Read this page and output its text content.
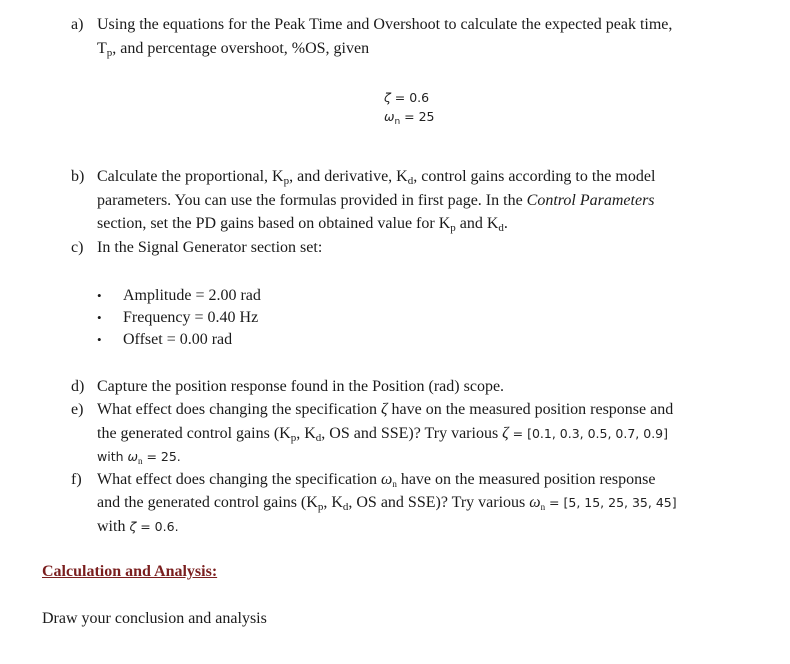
a) Using the equations for the Peak Time and Overshoot to calculate the expected peak time,
$T_p$, and percentage overshoot, %OS, given
ζ = 0.6
$\omega_n = 25$
b) Calculate the proportional, $K_p$, and derivative, $K_d$, control gains according to the model
parameters. You can use the formulas provided in first page. In the Control Parameters
section, set the PD gains based on obtained value for $K_p$ and $K_d$.
c) In the Signal Generator section set:
• Amplitude = 2.00 rad
• Frequency = 0.40 Hz
• Offset = 0.00 rad
d) Capture the position response found in the Position (rad) scope.
e) What effect does changing the specification ζ have on the measured position response and
the generated control gains ($K_p$, $K_d$, OS and SSE)? Try various ζ = [0.1, 0.3, 0.5, 0.7, 0.9]
with $\omega_n = 25$.
f) What effect does changing the specification $\omega_n$ have on the measured position response
and the generated control gains ($K_p$, $K_d$, OS and SSE)? Try various $\omega_n = [5$, 15, 25, 35, 45]
with ζ = 0.6.
Calculation and Analysis:
Draw your conclusion and analysis
